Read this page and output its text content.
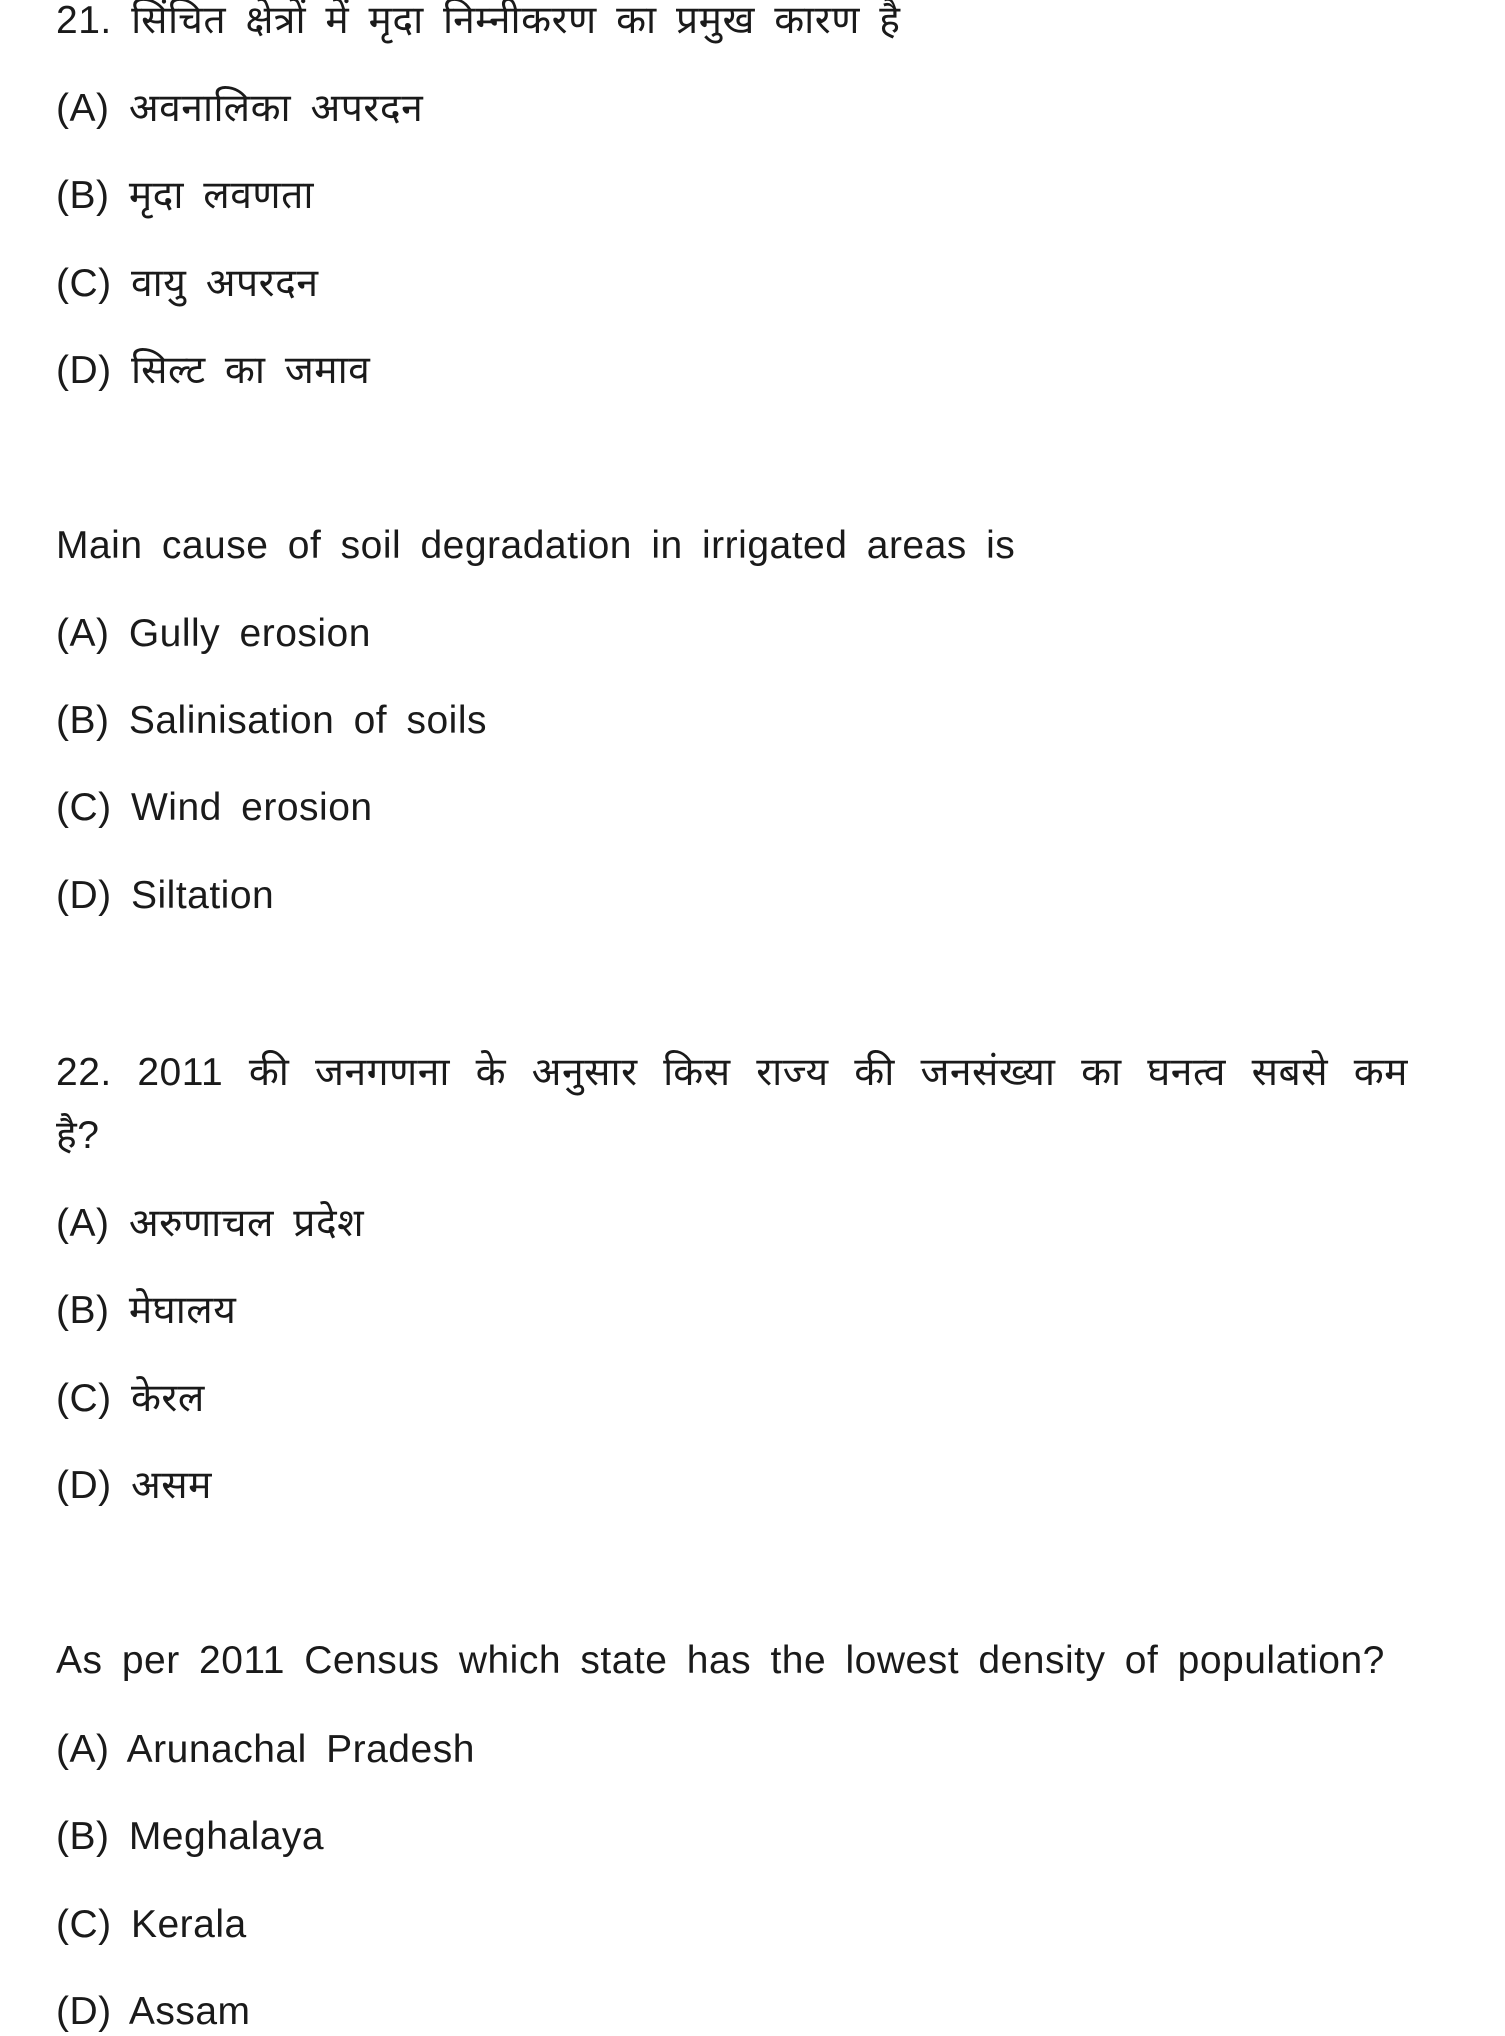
21. सिंचित क्षेत्रों में मृदा निम्नीकरण का प्रमुख कारण है
(A) अवनालिका अपरदन
(B) मृदा लवणता
(C) वायु अपरदन
(D) सिल्ट का जमाव
Main cause of soil degradation in irrigated areas is
(A) Gully erosion
(B) Salinisation of soils
(C) Wind erosion
(D) Siltation
22. 2011 की जनगणना के अनुसार किस राज्य की जनसंख्या का घनत्व सबसे कम
है?
(A) अरुणाचल प्रदेश
(B) मेघालय
(C) केरल
(D) असम
As per 2011 Census which state has the lowest density of population?
(A) Arunachal Pradesh
(B) Meghalaya
(C) Kerala
(D) Assam
